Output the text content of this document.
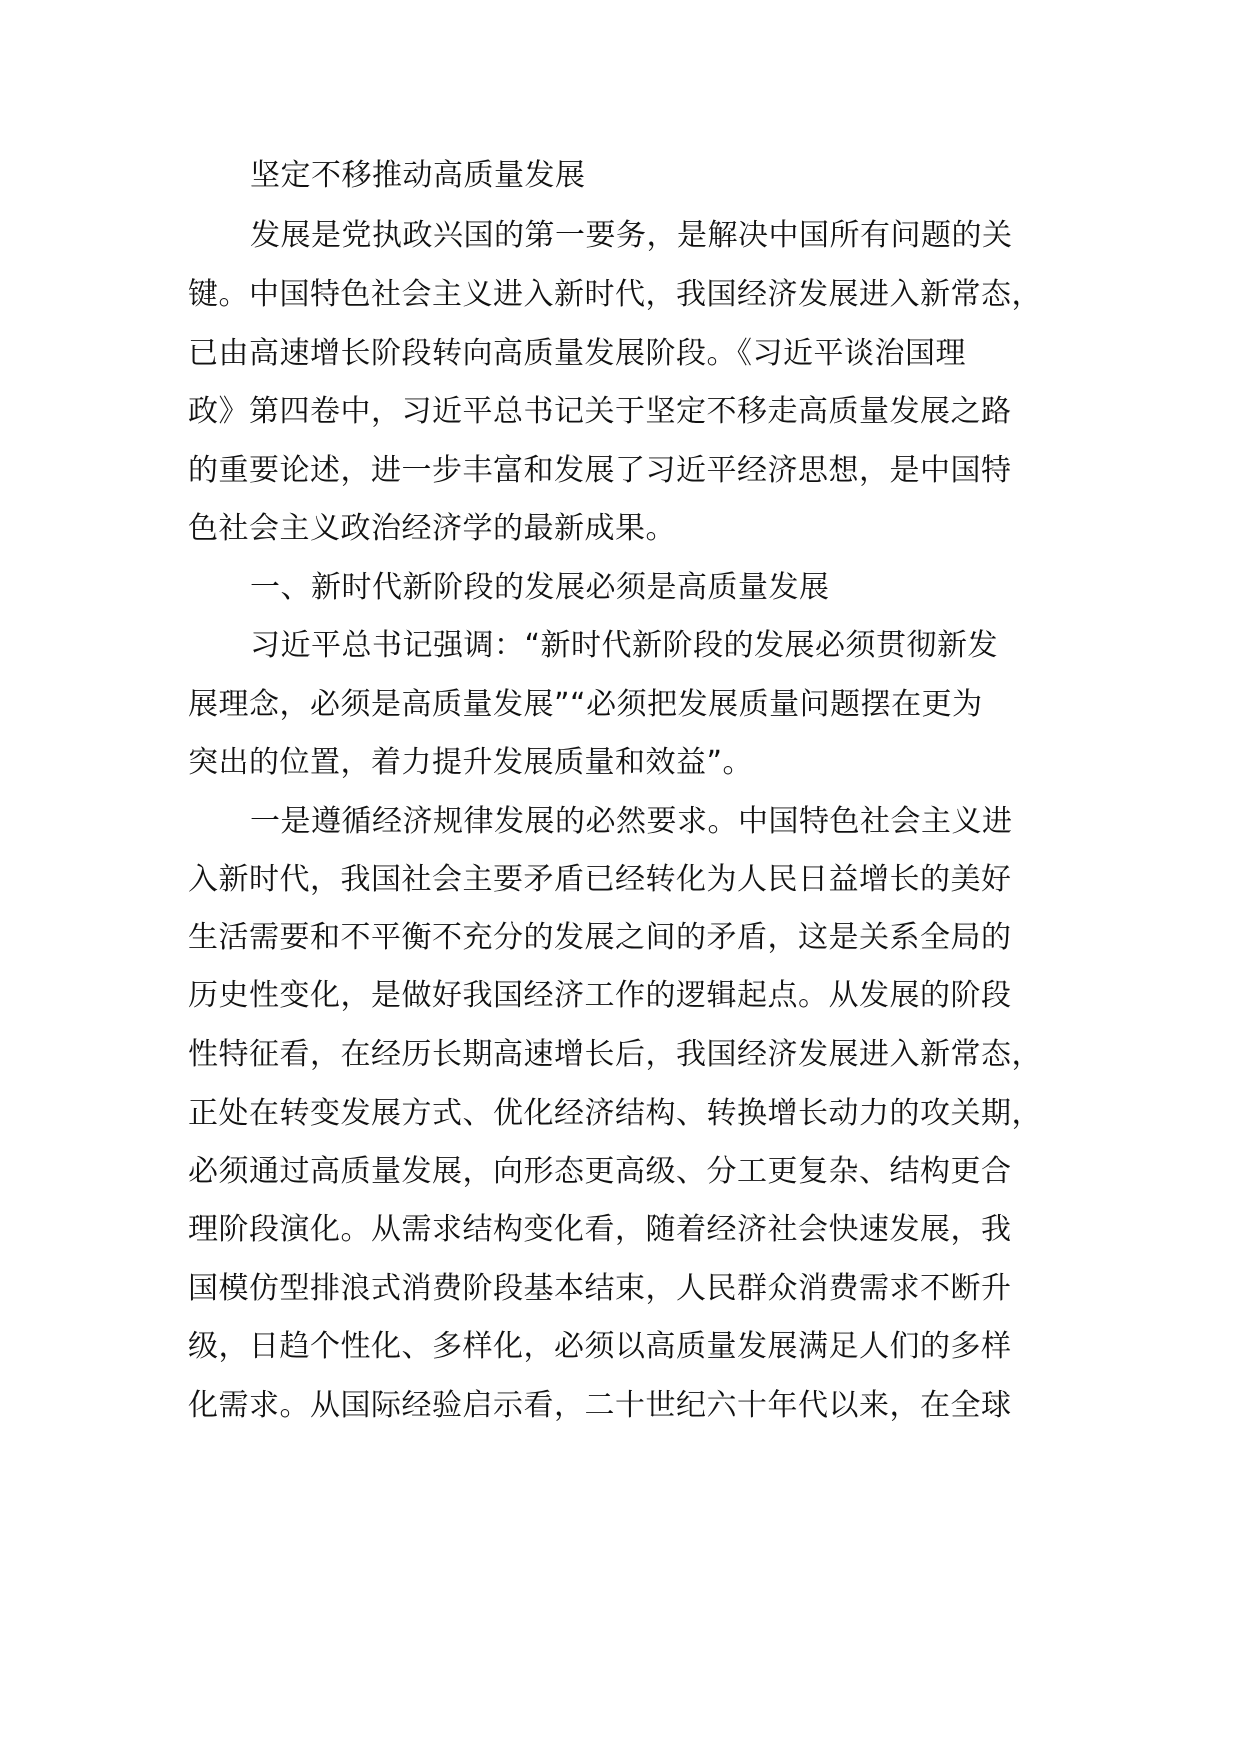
坚定不移推动高质量发展
发展是党执政兴国的第一要务，是解决中国所有问题的关
键。中国特色社会主义进入新时代，我国经济发展进入新常态，
已由高速增长阶段转向高质量发展阶段。《习近平谈治国理
政》第四卷中，习近平总书记关于坚定不移走高质量发展之路
的重要论述，进一步丰富和发展了习近平经济思想，是中国特
色社会主义政治经济学的最新成果。
一、新时代新阶段的发展必须是高质量发展
习近平总书记强调：“新时代新阶段的发展必须贯彻新发
展理念，必须是高质量发展”“必须把发展质量问题摆在更为
突出的位置，着力提升发展质量和效益”。
一是遵循经济规律发展的必然要求。中国特色社会主义进
入新时代，我国社会主要矛盾已经转化为人民日益增长的美好
生活需要和不平衡不充分的发展之间的矛盾，这是关系全局的
历史性变化，是做好我国经济工作的逻辑起点。从发展的阶段
性特征看，在经历长期高速增长后，我国经济发展进入新常态，
正处在转变发展方式、优化经济结构、转换增长动力的攻关期，
必须通过高质量发展，向形态更高级、分工更复杂、结构更合
理阶段演化。从需求结构变化看，随着经济社会快速发展，我
国模仿型排浪式消费阶段基本结束，人民群众消费需求不断升
级，日趋个性化、多样化，必须以高质量发展满足人们的多样
化需求。从国际经验启示看，二十世纪六十年代以来，在全球
